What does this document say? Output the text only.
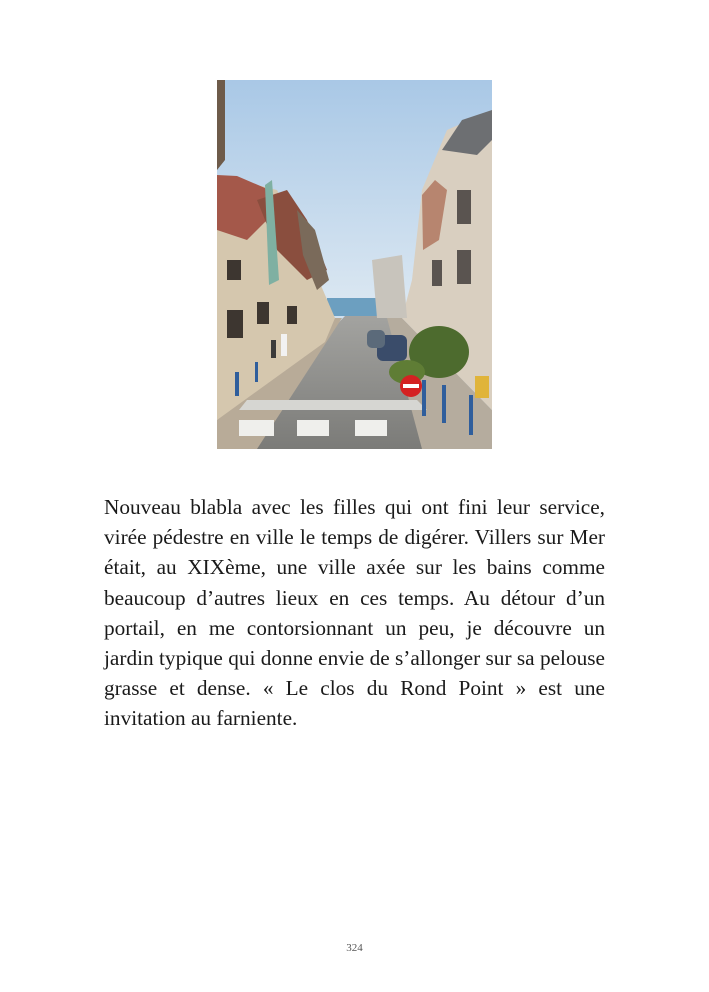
Nouveau blabla avec les filles qui ont fini leur service, virée pédestre en ville le temps de digérer. Villers sur Mer était, au XIXème, une ville axée sur les bains comme beaucoup d’autres lieux en ces temps. Au détour d’un portail, en me contorsionnant un peu, je découvre un jardin typique qui donne envie de s’allonger sur sa pelouse grasse et dense. « Le clos du Rond Point » est une invitation au farniente.

324
